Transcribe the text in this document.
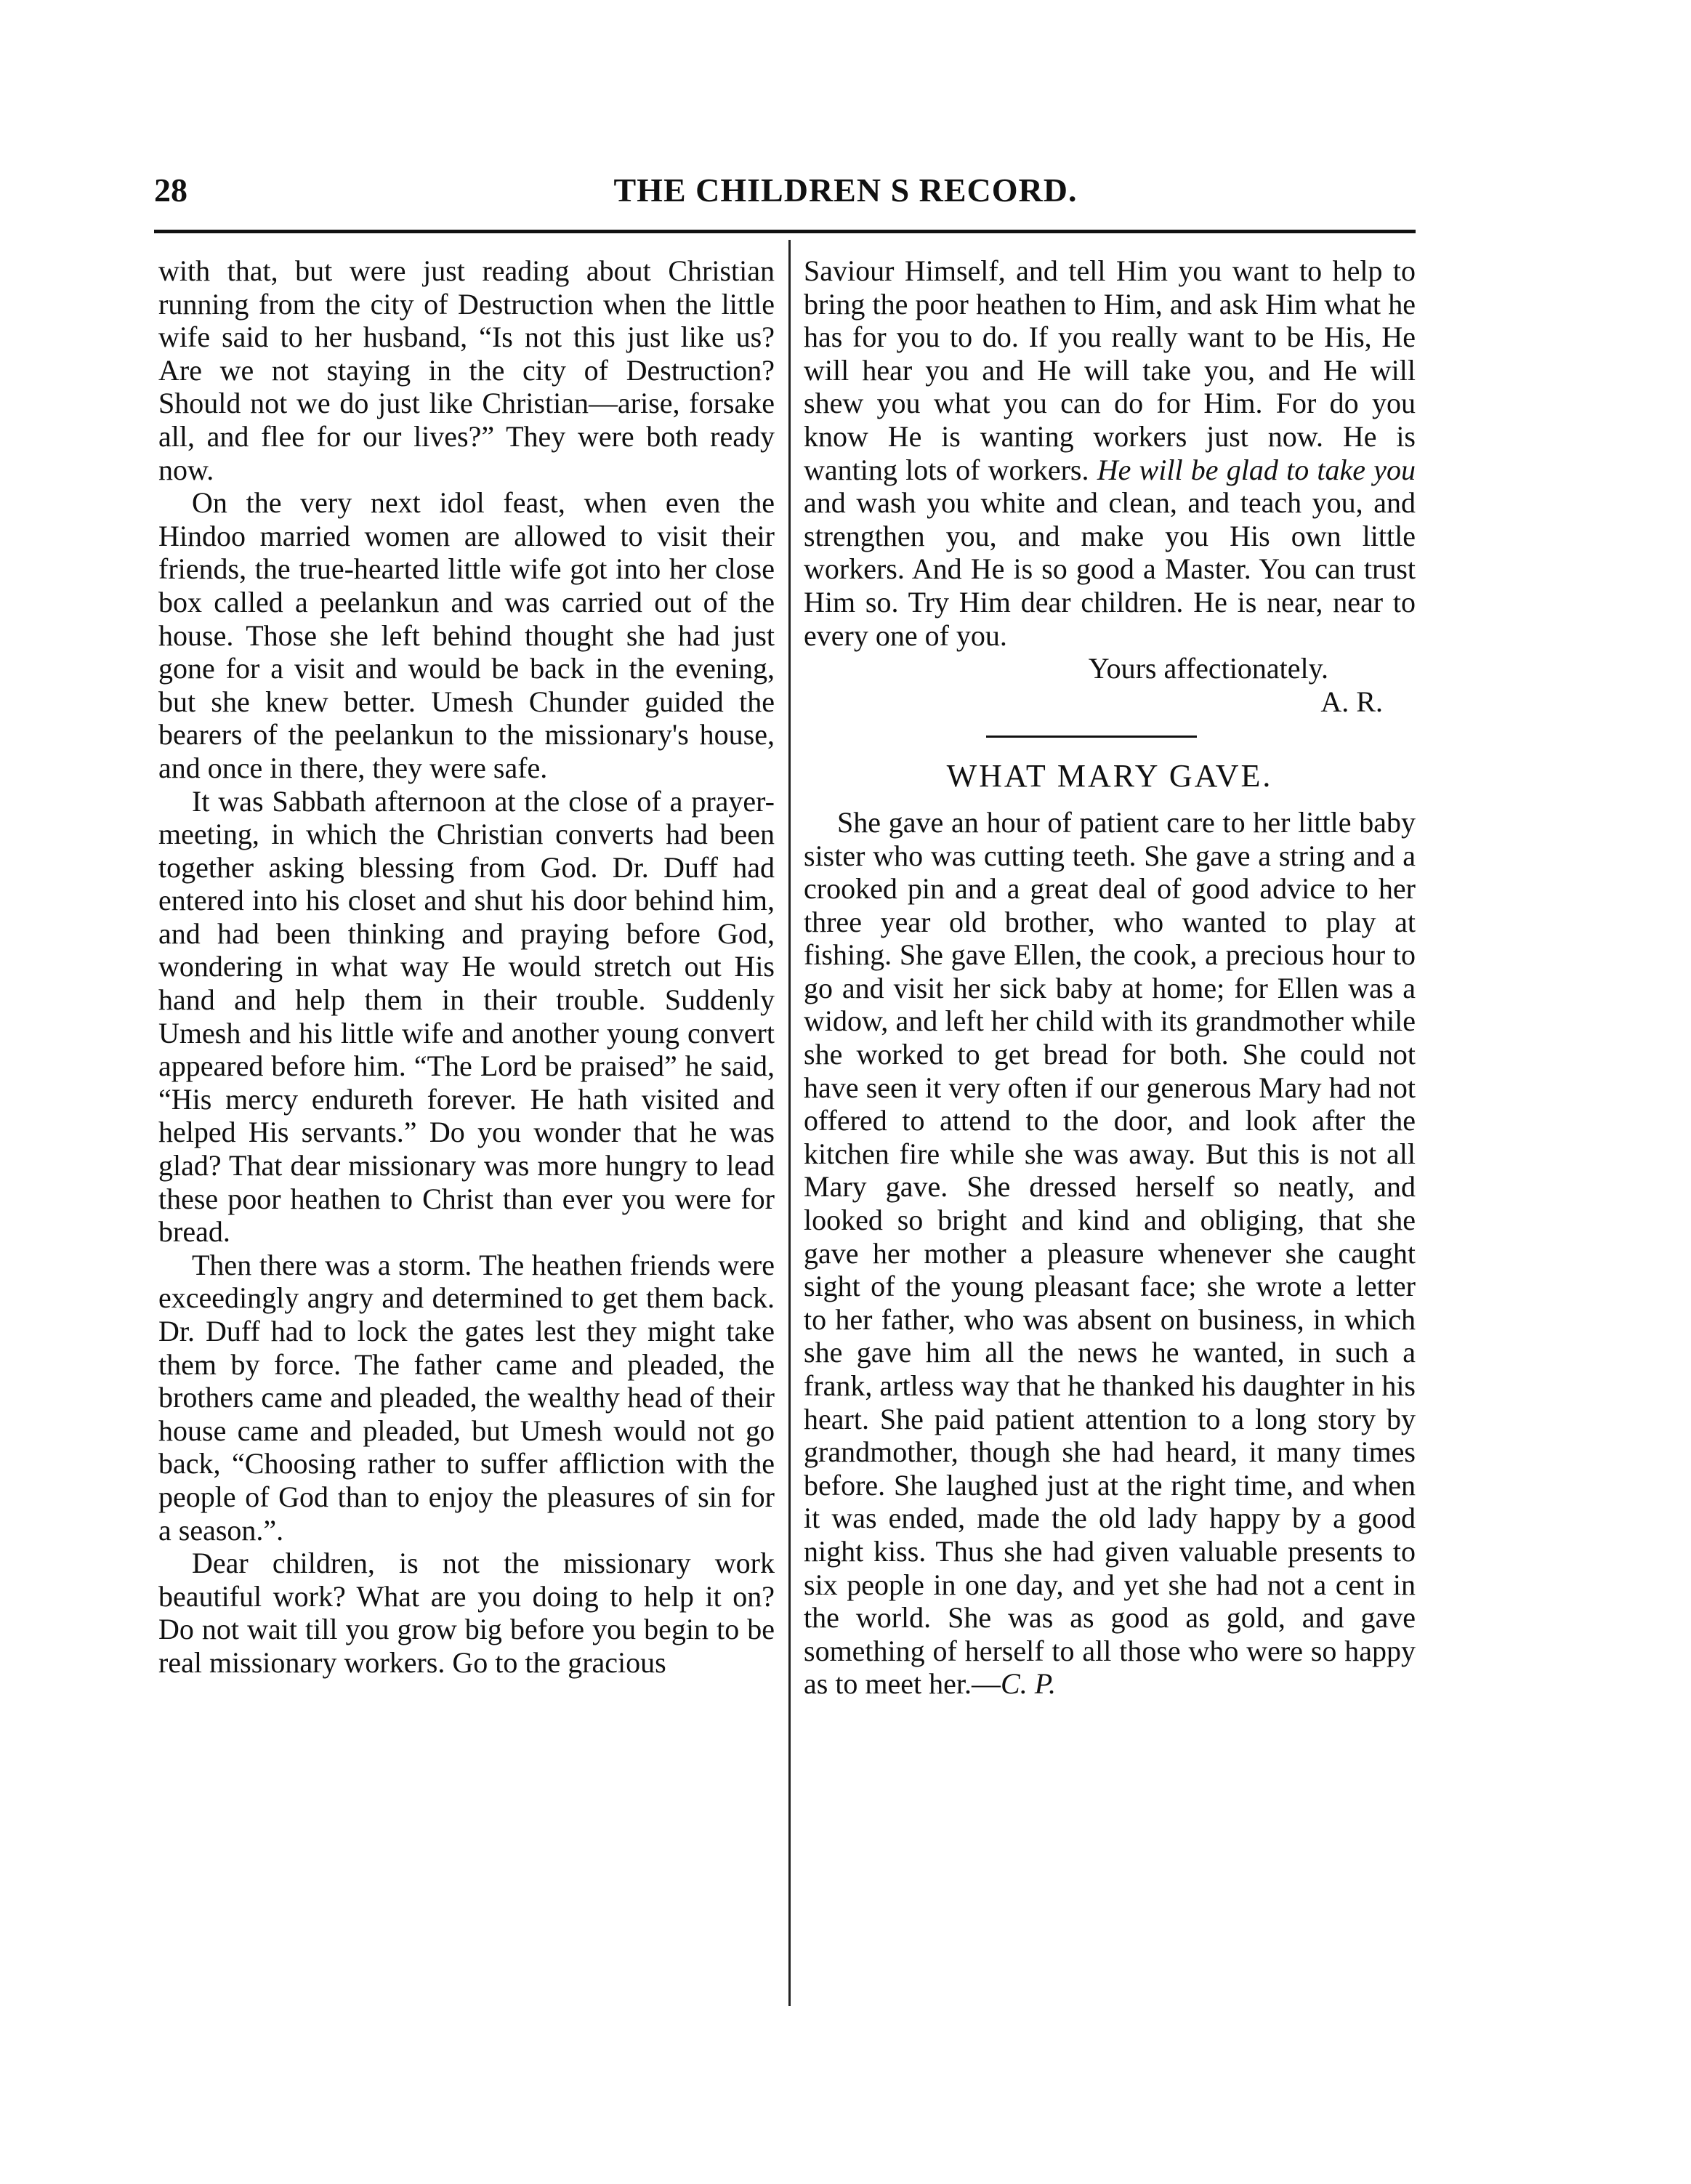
28	THE CHILDREN S RECORD.

with that, but were just reading about Christian running from the city of Destruction when the little wife said to her husband, “Is not this just like us? Are we not staying in the city of Destruction? Should not we do just like Christian—arise, forsake all, and flee for our lives?” They were both ready now.

On the very next idol feast, when even the Hindoo married women are allowed to visit their friends, the true-hearted little wife got into her close box called a peelankun and was carried out of the house. Those she left behind thought she had just gone for a visit and would be back in the evening, but she knew better. Umesh Chunder guided the bearers of the peelankun to the missionary's house, and once in there, they were safe.

It was Sabbath afternoon at the close of a prayer-meeting, in which the Christian converts had been together asking blessing from God. Dr. Duff had entered into his closet and shut his door behind him, and had been thinking and praying before God, wondering in what way He would stretch out His hand and help them in their trouble. Suddenly Umesh and his little wife and another young convert appeared before him. “The Lord be praised” he said, “His mercy endureth forever. He hath visited and helped His servants.” Do you wonder that he was glad? That dear missionary was more hungry to lead these poor heathen to Christ than ever you were for bread.

Then there was a storm. The heathen friends were exceedingly angry and determined to get them back. Dr. Duff had to lock the gates lest they might take them by force. The father came and pleaded, the brothers came and pleaded, the wealthy head of their house came and pleaded, but Umesh would not go back, “Choosing rather to suffer affliction with the people of God than to enjoy the pleasures of sin for a season.”.

Dear children, is not the missionary work beautiful work? What are you doing to help it on? Do not wait till you grow big before you begin to be real missionary workers. Go to the gracious

Saviour Himself, and tell Him you want to help to bring the poor heathen to Him, and ask Him what he has for you to do. If you really want to be His, He will hear you and He will take you, and He will shew you what you can do for Him. For do you know He is wanting workers just now. He is wanting lots of workers. He will be glad to take you and wash you white and clean, and teach you, and strengthen you, and make you His own little workers. And He is so good a Master. You can trust Him so. Try Him dear children. He is near, near to every one of you.

Yours affectionately.

A. R.

WHAT MARY GAVE.

She gave an hour of patient care to her little baby sister who was cutting teeth. She gave a string and a crooked pin and a great deal of good advice to her three year old brother, who wanted to play at fishing. She gave Ellen, the cook, a precious hour to go and visit her sick baby at home; for Ellen was a widow, and left her child with its grandmother while she worked to get bread for both. She could not have seen it very often if our generous Mary had not offered to attend to the door, and look after the kitchen fire while she was away. But this is not all Mary gave. She dressed herself so neatly, and looked so bright and kind and obliging, that she gave her mother a pleasure whenever she caught sight of the young pleasant face; she wrote a letter to her father, who was absent on business, in which she gave him all the news he wanted, in such a frank, artless way that he thanked his daughter in his heart. She paid patient attention to a long story by grandmother, though she had heard, it many times before. She laughed just at the right time, and when it was ended, made the old lady happy by a good night kiss. Thus she had given valuable presents to six people in one day, and yet she had not a cent in the world. She was as good as gold, and gave something of herself to all those who were so happy as to meet her.—C. P.
